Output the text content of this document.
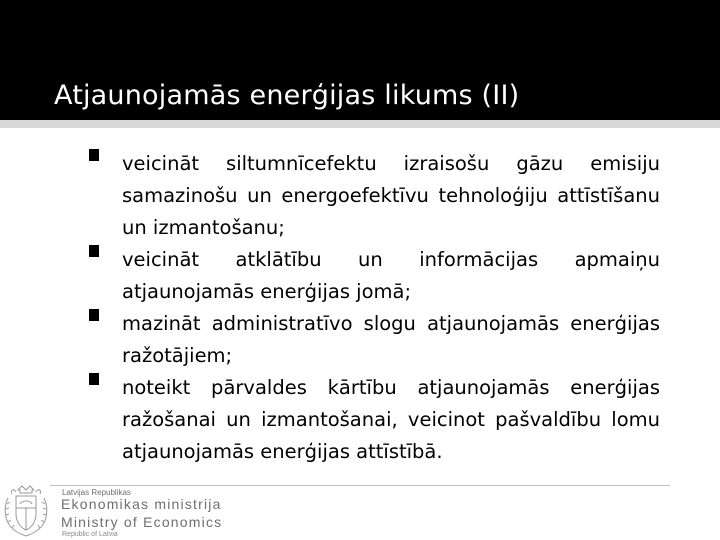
Atjaunojamās enerģijas likums (II)
veicināt siltumnīcefektu izraisošu gāzu emisiju samazinošu un energoefektīvu tehnoloģiju attīstīšanu un izmantošanu;
veicināt atklātību un informācijas apmaiņu atjaunojamās enerģijas jomā;
mazināt administratīvo slogu atjaunojamās enerģijas ražotājiem;
noteikt pārvaldes kārtību atjaunojamās enerģijas ražošanai un izmantošanai, veicinot pašvaldību lomu atjaunojamās enerģijas attīstībā.
Latvijas Republikas
Ekonomikas ministrija
Ministry of Economics
Republic of Latvia
